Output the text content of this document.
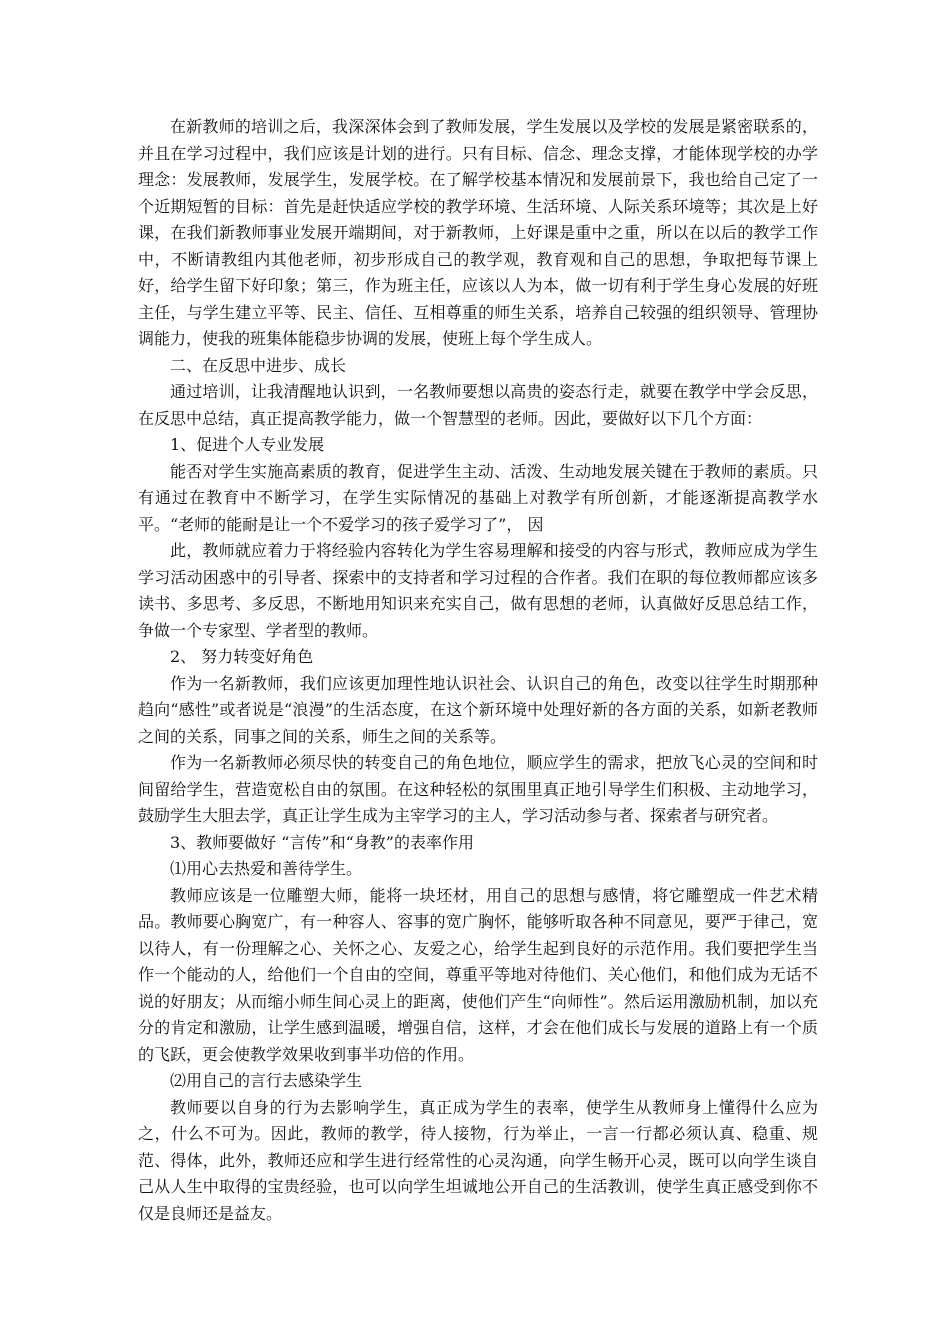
在新教师的培训之后，我深深体会到了教师发展，学生发展以及学校的发展是紧密联系的，并且在学习过程中，我们应该是计划的进行。只有目标、信念、理念支撑，才能体现学校的办学理念：发展教师，发展学生，发展学校。在了解学校基本情况和发展前景下，我也给自己定了一个近期短暂的目标：首先是赶快适应学校的教学环境、生活环境、人际关系环境等；其次是上好课，在我们新教师事业发展开端期间，对于新教师，上好课是重中之重，所以在以后的教学工作中，不断请教组内其他老师，初步形成自己的教学观，教育观和自己的思想，争取把每节课上好，给学生留下好印象；第三，作为班主任，应该以人为本，做一切有利于学生身心发展的好班主任，与学生建立平等、民主、信任、互相尊重的师生关系，培养自己较强的组织领导、管理协调能力，使我的班集体能稳步协调的发展，使班上每个学生成人。

二、在反思中进步、成长

通过培训，让我清醒地认识到，一名教师要想以高贵的姿态行走，就要在教学中学会反思，在反思中总结，真正提高教学能力，做一个智慧型的老师。因此，要做好以下几个方面：

1、促进个人专业发展

能否对学生实施高素质的教育，促进学生主动、活泼、生动地发展关键在于教师的素质。只有通过在教育中不断学习，在学生实际情况的基础上对教学有所创新，才能逐渐提高教学水平。“老师的能耐是让一个不爱学习的孩子爱学习了”， 因

此，教师就应着力于将经验内容转化为学生容易理解和接受的内容与形式，教师应成为学生学习活动困惑中的引导者、探索中的支持者和学习过程的合作者。我们在职的每位教师都应该多读书、多思考、多反思，不断地用知识来充实自己，做有思想的老师，认真做好反思总结工作，争做一个专家型、学者型的教师。

2、 努力转变好角色

作为一名新教师，我们应该更加理性地认识社会、认识自己的角色，改变以往学生时期那种趋向“感性”或者说是“浪漫”的生活态度，在这个新环境中处理好新的各方面的关系，如新老教师之间的关系，同事之间的关系，师生之间的关系等。

作为一名新教师必须尽快的转变自己的角色地位，顺应学生的需求，把放飞心灵的空间和时间留给学生，营造宽松自由的氛围。在这种轻松的氛围里真正地引导学生们积极、主动地学习，鼓励学生大胆去学，真正让学生成为主宰学习的主人，学习活动参与者、探索者与研究者。

3、教师要做好 “言传”和“身教”的表率作用

⑴用心去热爱和善待学生。

教师应该是一位雕塑大师，能将一块坯材，用自己的思想与感情，将它雕塑成一件艺术精品。教师要心胸宽广，有一种容人、容事的宽广胸怀，能够听取各种不同意见，要严于律己，宽以待人，有一份理解之心、关怀之心、友爱之心，给学生起到良好的示范作用。我们要把学生当作一个能动的人，给他们一个自由的空间，尊重平等地对待他们、关心他们，和他们成为无话不说的好朋友；从而缩小师生间心灵上的距离，使他们产生“向师性”。然后运用激励机制，加以充分的肯定和激励，让学生感到温暖，增强自信，这样，才会在他们成长与发展的道路上有一个质的飞跃，更会使教学效果收到事半功倍的作用。

⑵用自己的言行去感染学生

教师要以自身的行为去影响学生，真正成为学生的表率，使学生从教师身上懂得什么应为之，什么不可为。因此，教师的教学，待人接物，行为举止，一言一行都必须认真、稳重、规范、得体，此外，教师还应和学生进行经常性的心灵沟通，向学生畅开心灵，既可以向学生谈自己从人生中取得的宝贵经验，也可以向学生坦诚地公开自己的生活教训，使学生真正感受到你不仅是良师还是益友。
